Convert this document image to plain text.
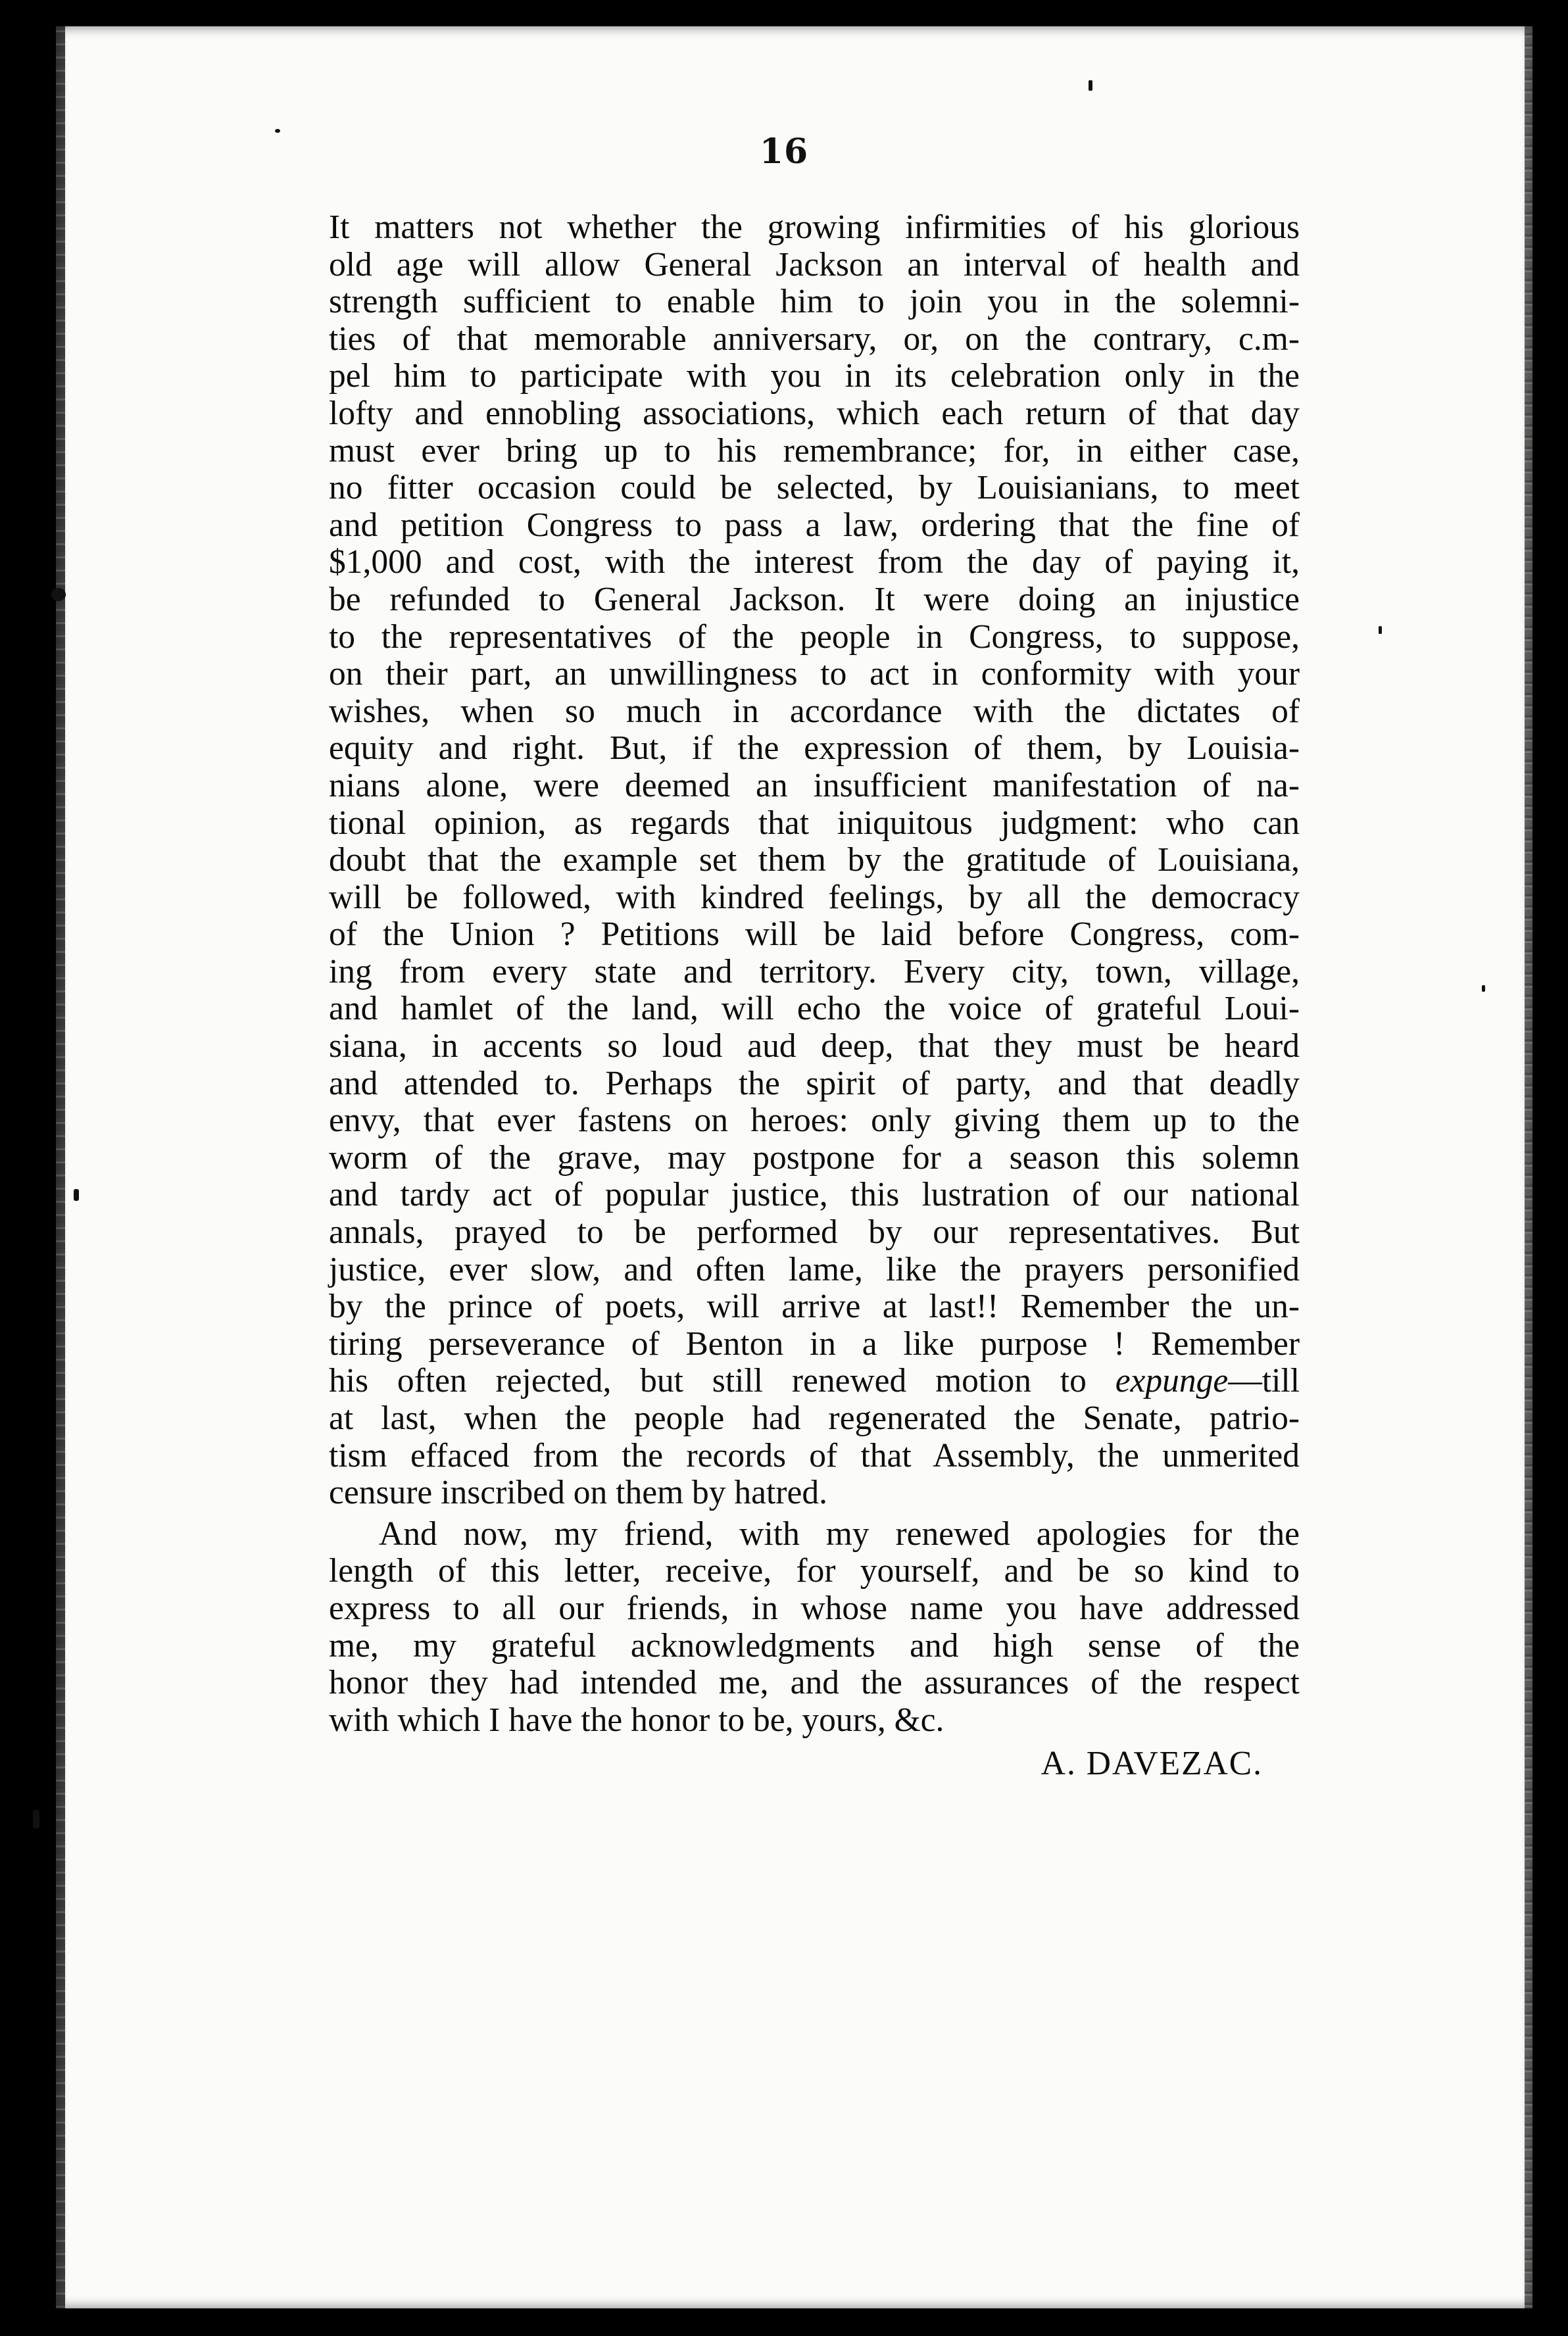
16
It matters not whether the growing infirmities of his glorious
old age will allow General Jackson an interval of health and
strength sufficient to enable him to join you in the solemni-
ties of that memorable anniversary, or, on the contrary, c.m-
pel him to participate with you in its celebration only in the
lofty and ennobling associations, which each return of that day
must ever bring up to his remembrance; for, in either case,
no fitter occasion could be selected, by Louisianians, to meet
and petition Congress to pass a law, ordering that the fine of
$1,000 and cost, with the interest from the day of paying it,
be refunded to General Jackson. It were doing an injustice
to the representatives of the people in Congress, to suppose,
on their part, an unwillingness to act in conformity with your
wishes, when so much in accordance with the dictates of
equity and right. But, if the expression of them, by Louisia-
nians alone, were deemed an insufficient manifestation of na-
tional opinion, as regards that iniquitous judgment: who can
doubt that the example set them by the gratitude of Louisiana,
will be followed, with kindred feelings, by all the democracy
of the Union ? Petitions will be laid before Congress, com-
ing from every state and territory. Every city, town, village,
and hamlet of the land, will echo the voice of grateful Loui-
siana, in accents so loud aud deep, that they must be heard
and attended to. Perhaps the spirit of party, and that deadly
envy, that ever fastens on heroes: only giving them up to the
worm of the grave, may postpone for a season this solemn
and tardy act of popular justice, this lustration of our national
annals, prayed to be performed by our representatives. But
justice, ever slow, and often lame, like the prayers personified
by the prince of poets, will arrive at last!! Remember the un-
tiring perseverance of Benton in a like purpose ! Remember
his often rejected, but still renewed motion to expunge—till
at last, when the people had regenerated the Senate, patrio-
tism effaced from the records of that Assembly, the unmerited
censure inscribed on them by hatred.
And now, my friend, with my renewed apologies for the
length of this letter, receive, for yourself, and be so kind to
express to all our friends, in whose name you have addressed
me, my grateful acknowledgments and high sense of the
honor they had intended me, and the assurances of the respect
with which I have the honor to be, yours, &c.
A. DAVEZAC.
